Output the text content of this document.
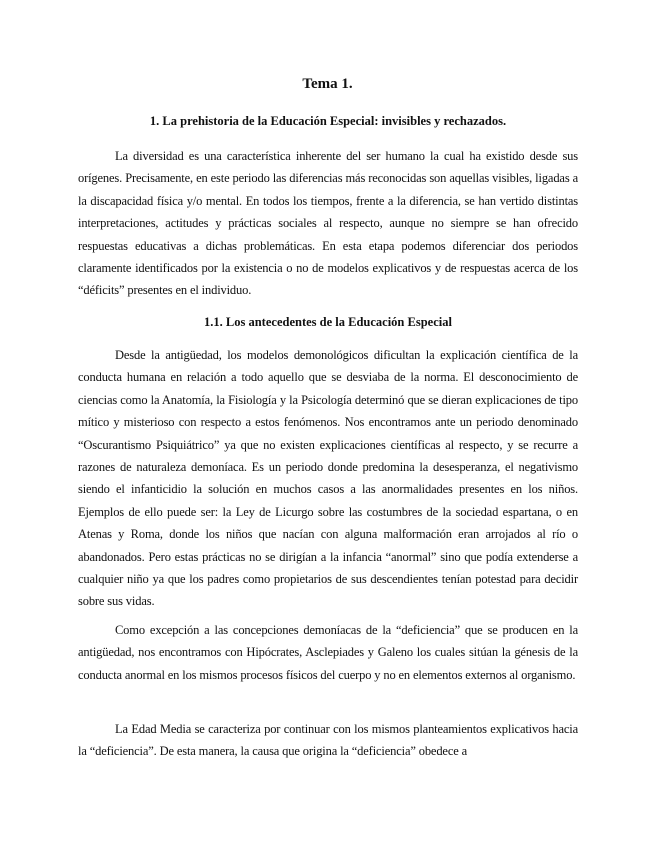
Tema 1.
1. La prehistoria de la Educación Especial: invisibles y rechazados.

La diversidad es una característica inherente del ser humano la cual ha existido desde sus orígenes. Precisamente, en este periodo las diferencias más reconocidas son aquellas visibles, ligadas a la discapacidad física y/o mental. En todos los tiempos, frente a la diferencia, se han vertido distintas interpretaciones, actitudes y prácticas sociales al respecto, aunque no siempre se han ofrecido respuestas educativas a dichas problemáticas. En esta etapa podemos diferenciar dos periodos claramente identificados por la existencia o no de modelos explicativos y de respuestas acerca de los “déficits” presentes en el individuo.

1.1. Los antecedentes de la Educación Especial

Desde la antigüedad, los modelos demonológicos dificultan la explicación científica de la conducta humana en relación a todo aquello que se desviaba de la norma. El desconocimiento de ciencias como la Anatomía, la Fisiología y la Psicología determinó que se dieran explicaciones de tipo mítico y misterioso con respecto a estos fenómenos. Nos encontramos ante un periodo denominado “Oscurantismo Psiquiátrico” ya que no existen explicaciones científicas al respecto, y se recurre a razones de naturaleza demoníaca. Es un periodo donde predomina la desesperanza, el negativismo siendo el infanticidio la solución en muchos casos a las anormalidades presentes en los niños. Ejemplos de ello puede ser: la Ley de Licurgo sobre las costumbres de la sociedad espartana, o en Atenas y Roma, donde los niños que nacían con alguna malformación eran arrojados al río o abandonados. Pero estas prácticas no se dirigían a la infancia “anormal” sino que podía extenderse a cualquier niño ya que los padres como propietarios de sus descendientes tenían potestad para decidir sobre sus vidas.

Como excepción a las concepciones demoníacas de la “deficiencia” que se producen en la antigüedad, nos encontramos con Hipócrates, Asclepiades y Galeno los cuales sitúan la génesis de la conducta anormal en los mismos procesos físicos del cuerpo y no en elementos externos al organismo.

La Edad Media se caracteriza por continuar con los mismos planteamientos explicativos hacia la “deficiencia”. De esta manera, la causa que origina la “deficiencia” obedece a
